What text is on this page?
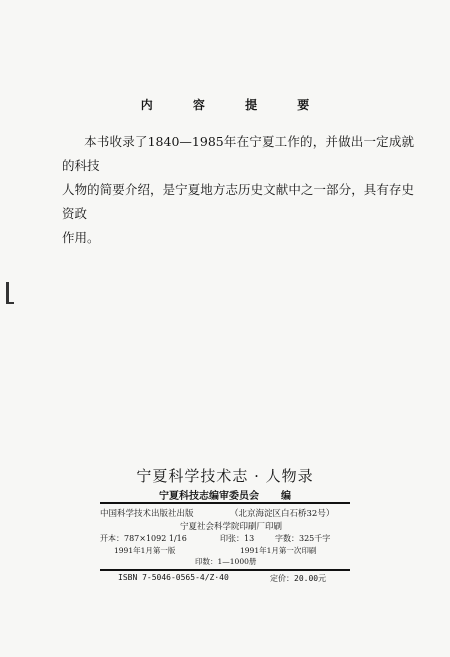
内 容 提 要

本书收录了1840—1985年在宁夏工作的，并做出一定成就的科技

人物的简要介绍，是宁夏地方志历史文献中之一部分，具有存史资政

作用。

宁夏科学技术志 · 人物录
宁夏科技志编审委员会 编
中国科学技术出版社出版	（北京海淀区白石桥32号）
宁夏社会科学院印刷厂印刷
开本：787×1092 1/16	印张：13	字数：325千字
1991年1月第一版	1991年1月第一次印刷
印数：1—1000册
ISBN 7-5046-0565-4/Z·40	定价：20.00元
